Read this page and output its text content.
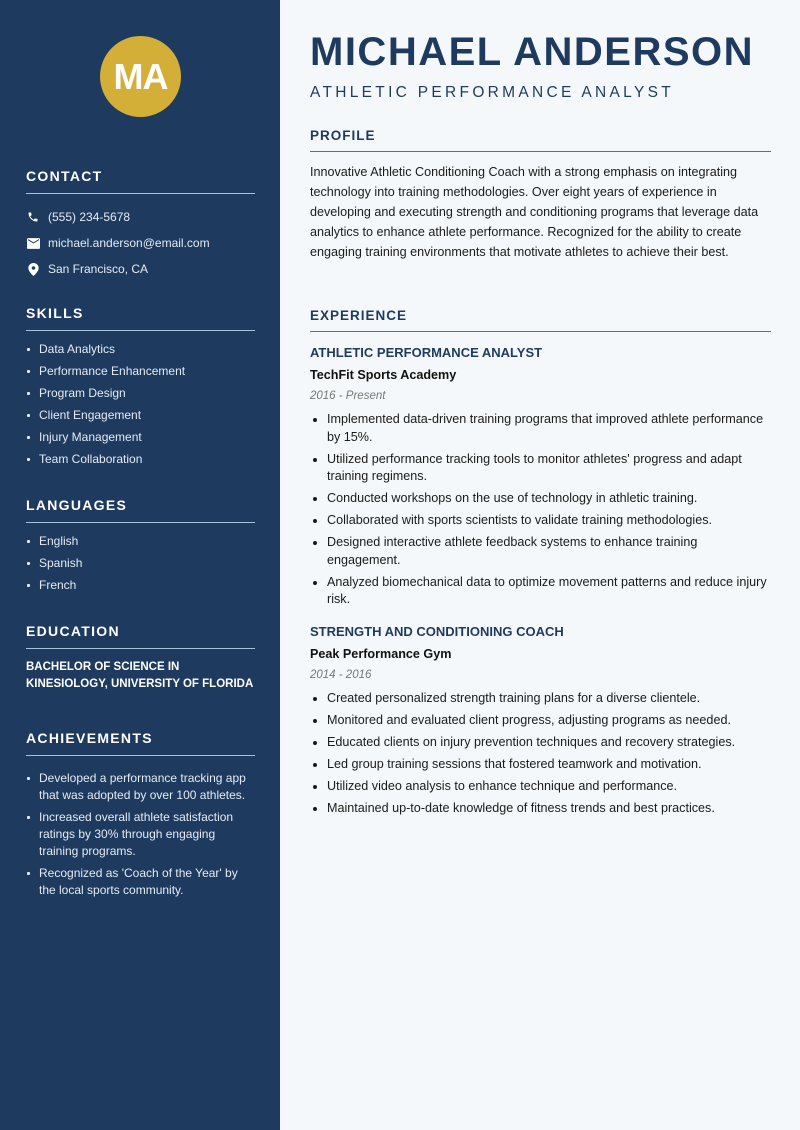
MA
CONTACT
(555) 234-5678
michael.anderson@email.com
San Francisco, CA
SKILLS
Data Analytics
Performance Enhancement
Program Design
Client Engagement
Injury Management
Team Collaboration
LANGUAGES
English
Spanish
French
EDUCATION

BACHELOR OF SCIENCE IN KINESIOLOGY, UNIVERSITY OF FLORIDA

ACHIEVEMENTS
Developed a performance tracking app that was adopted by over 100 athletes.
Increased overall athlete satisfaction ratings by 30% through engaging training programs.
Recognized as 'Coach of the Year' by the local sports community.
MICHAEL ANDERSON
ATHLETIC PERFORMANCE ANALYST
PROFILE

Innovative Athletic Conditioning Coach with a strong emphasis on integrating technology into training methodologies. Over eight years of experience in developing and executing strength and conditioning programs that leverage data analytics to enhance athlete performance. Recognized for the ability to create engaging training environments that motivate athletes to achieve their best.

EXPERIENCE
ATHLETIC PERFORMANCE ANALYST
TechFit Sports Academy
2016 - Present
Implemented data-driven training programs that improved athlete performance by 15%.
Utilized performance tracking tools to monitor athletes' progress and adapt training regimens.
Conducted workshops on the use of technology in athletic training.
Collaborated with sports scientists to validate training methodologies.
Designed interactive athlete feedback systems to enhance training engagement.
Analyzed biomechanical data to optimize movement patterns and reduce injury risk.
STRENGTH AND CONDITIONING COACH
Peak Performance Gym
2014 - 2016
Created personalized strength training plans for a diverse clientele.
Monitored and evaluated client progress, adjusting programs as needed.
Educated clients on injury prevention techniques and recovery strategies.
Led group training sessions that fostered teamwork and motivation.
Utilized video analysis to enhance technique and performance.
Maintained up-to-date knowledge of fitness trends and best practices.
